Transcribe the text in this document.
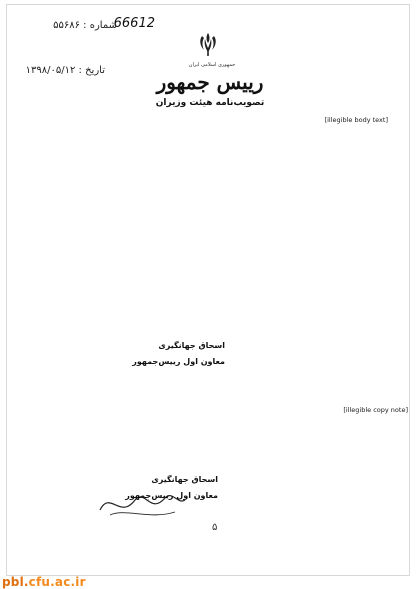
شماره : ۵۵۶۸۶	66612
تاریخ : ۱۳۹۸/۰۵/۱۲	جمهوری اسلامی ایران
رییس جمهور
تصویب‌نامه هیئت وزیران

[illegible body text]

اسحاق جهانگیری
معاون اول رییس‌جمهور
[illegible copy note]
اسحاق جهانگیری
معاون اول رییس‌جمهور
۵
pbl.cfu.ac.ir
